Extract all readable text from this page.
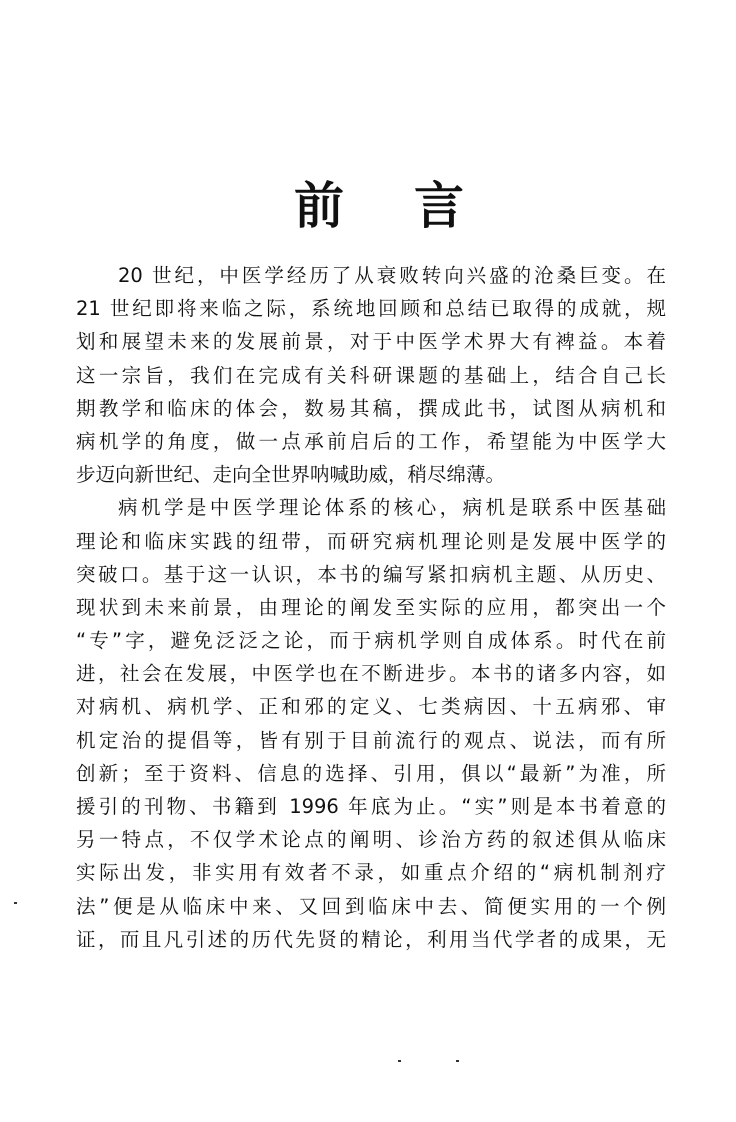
前 言
20 世纪，中医学经历了从衰败转向兴盛的沧桑巨变。在
21 世纪即将来临之际，系统地回顾和总结已取得的成就，规
划和展望未来的发展前景，对于中医学术界大有裨益。本着
这一宗旨，我们在完成有关科研课题的基础上，结合自己长
期教学和临床的体会，数易其稿，撰成此书，试图从病机和
病机学的角度，做一点承前启后的工作，希望能为中医学大
步迈向新世纪、走向全世界呐喊助威，稍尽绵薄。
病机学是中医学理论体系的核心，病机是联系中医基础
理论和临床实践的纽带，而研究病机理论则是发展中医学的
突破口。基于这一认识，本书的编写紧扣病机主题、从历史、
现状到未来前景，由理论的阐发至实际的应用，都突出一个
“专”字，避免泛泛之论，而于病机学则自成体系。时代在前
进，社会在发展，中医学也在不断进步。本书的诸多内容，如
对病机、病机学、正和邪的定义、七类病因、十五病邪、审
机定治的提倡等，皆有别于目前流行的观点、说法，而有所
创新；至于资料、信息的选择、引用，俱以“最新”为准，所
援引的刊物、书籍到 1996 年底为止。“实”则是本书着意的
另一特点，不仅学术论点的阐明、诊治方药的叙述俱从临床
实际出发，非实用有效者不录，如重点介绍的“病机制剂疗
法”便是从临床中来、又回到临床中去、简便实用的一个例
证，而且凡引述的历代先贤的精论，利用当代学者的成果，无
